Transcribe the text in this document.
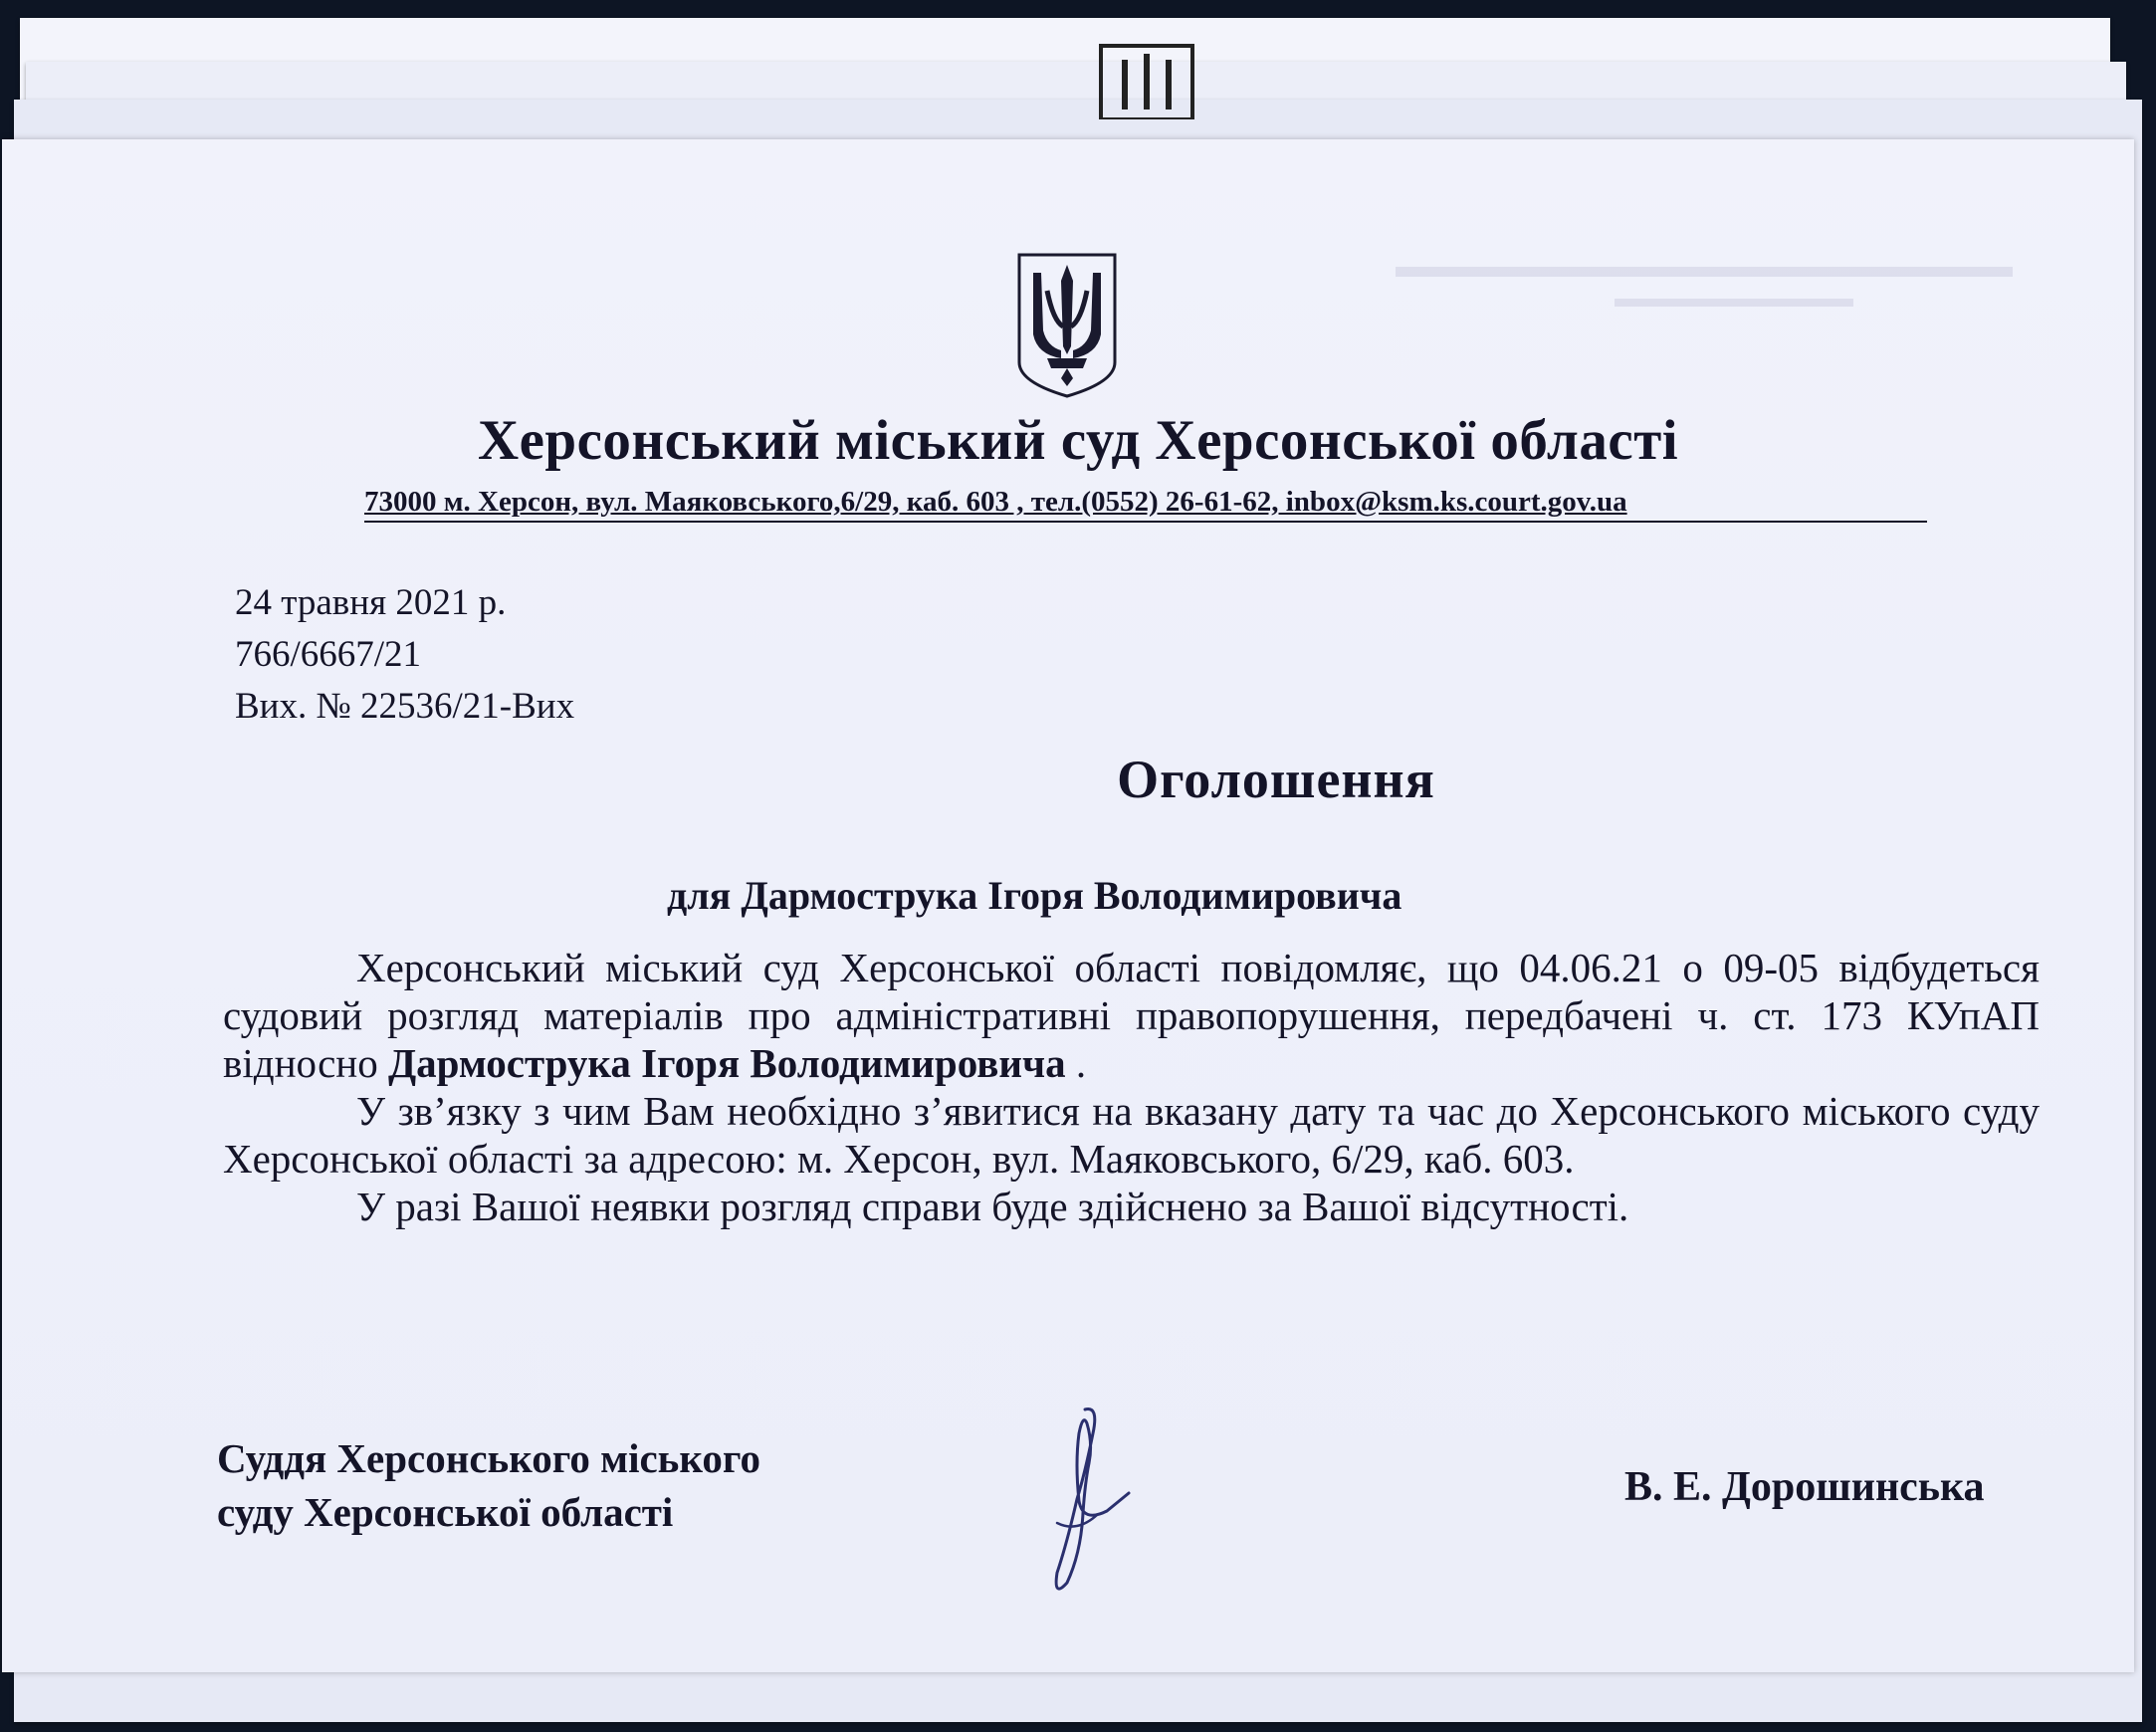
Херсонський міський суд Херсонської області
73000 м. Херсон, вул. Маяковського,6/29, каб. 603 , тел.(0552) 26-61-62, inbox@ksm.ks.court.gov.ua
24 травня 2021 р.
766/6667/21
Вих. № 22536/21-Вих
Оголошення
для Дармострука Ігоря Володимировича

Херсонський міський суд Херсонської області повідомляє, що 04.06.21 о 09-05 відбудеться судовий розгляд матеріалів про адміністративні правопорушення, передбачені ч. ст. 173 КУпАП відносно Дармострука Ігоря Володимировича .

У зв’язку з чим Вам необхідно з’явитися на вказану дату та час до Херсонського міського суду Херсонської області за адресою: м. Херсон, вул. Маяковського, 6/29, каб. 603.

У разі Вашої неявки розгляд справи буде здійснено за Вашої відсутності.

Суддя Херсонського міського
суду Херсонської області
В. Е. Дорошинська
